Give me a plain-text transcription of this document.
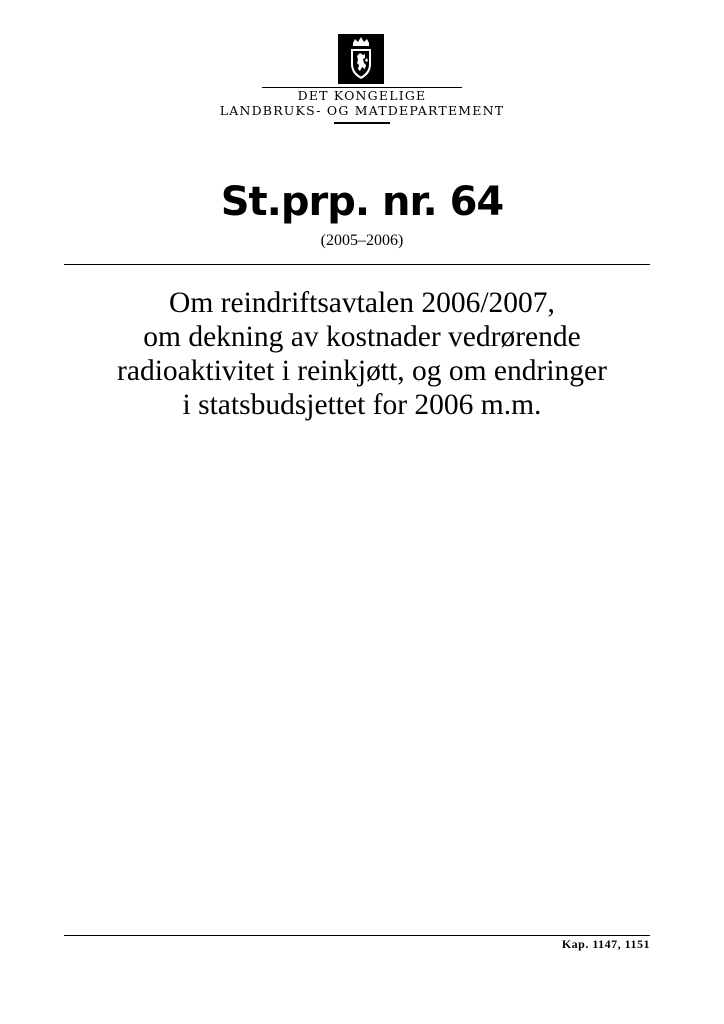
DET KONGELIGE
LANDBRUKS- OG MATDEPARTEMENT
St.prp. nr. 64
(2005–2006)
Om reindriftsavtalen 2006/2007,
om dekning av kostnader vedrørende
radioaktivitet i reinkjøtt, og om endringer
i statsbudsjettet for 2006 m.m.
Kap. 1147, 1151
